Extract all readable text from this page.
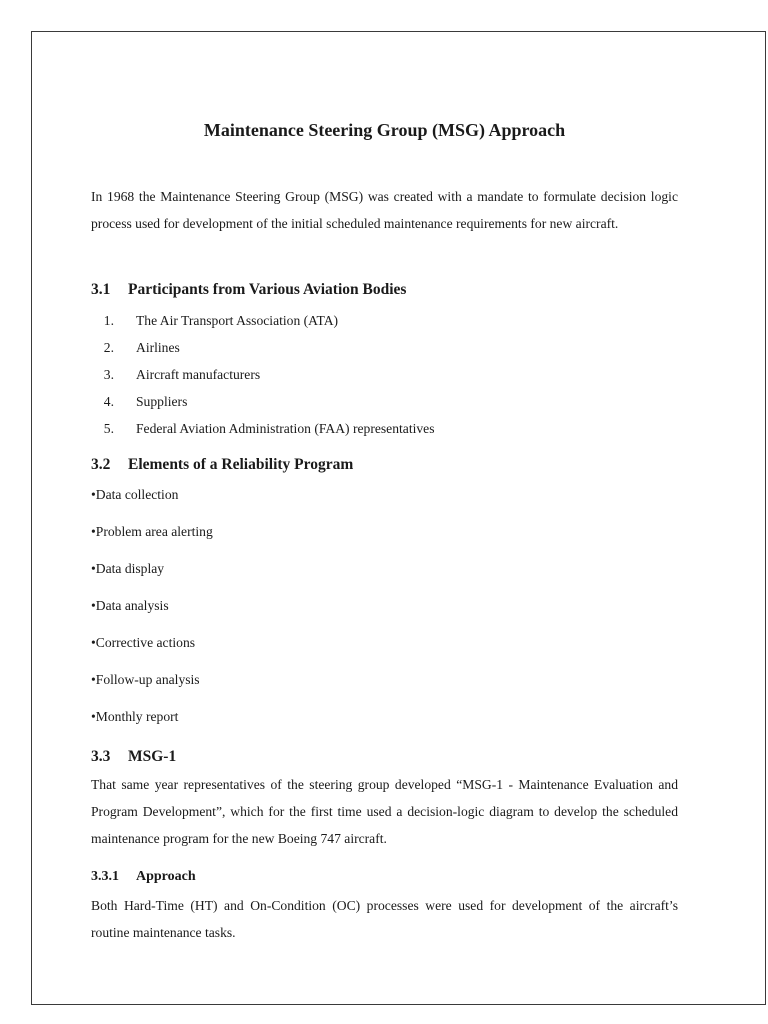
Maintenance Steering Group (MSG) Approach

In 1968 the Maintenance Steering Group (MSG) was created with a mandate to formulate decision logic process used for development of the initial scheduled maintenance requirements for new aircraft.

3.1 Participants from Various Aviation Bodies
1. The Air Transport Association (ATA)
2. Airlines
3. Aircraft manufacturers
4. Suppliers
5. Federal Aviation Administration (FAA) representatives
3.2 Elements of a Reliability Program
•Data collection
•Problem area alerting
•Data display
•Data analysis
•Corrective actions
•Follow-up analysis
•Monthly report
3.3 MSG-1

That same year representatives of the steering group developed “MSG-1 - Maintenance Evaluation and Program Development”, which for the first time used a decision-logic diagram to develop the scheduled maintenance program for the new Boeing 747 aircraft.

3.3.1 Approach

Both Hard-Time (HT) and On-Condition (OC) processes were used for development of the aircraft’s routine maintenance tasks.
